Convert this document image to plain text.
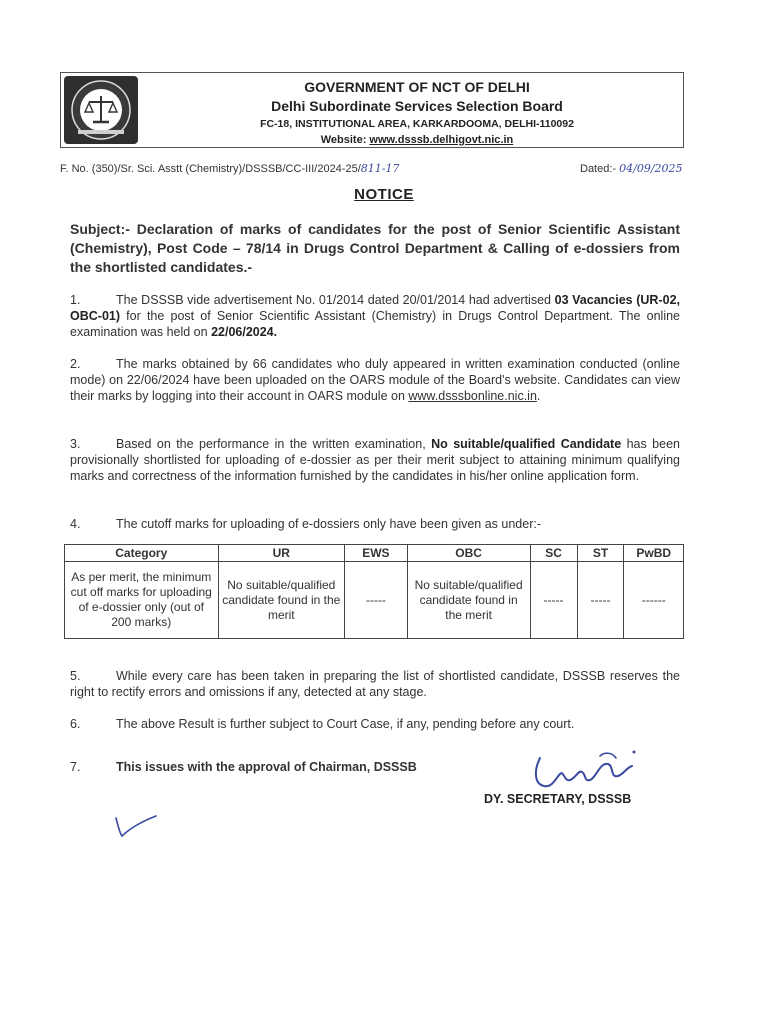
GOVERNMENT OF NCT OF DELHI
Delhi Subordinate Services Selection Board
FC-18, INSTITUTIONAL AREA, KARKARDOOMA, DELHI-110092
Website: www.dsssb.delhigovt.nic.in
F. No. (350)/Sr. Sci. Asstt (Chemistry)/DSSSB/CC-III/2024-25/811-17	Dated:- 04/09/2025
NOTICE
Subject:- Declaration of marks of candidates for the post of Senior Scientific Assistant (Chemistry), Post Code – 78/14 in Drugs Control Department & Calling of e-dossiers from the shortlisted candidates.-
1.	The DSSSB vide advertisement No. 01/2014 dated 20/01/2014 had advertised 03 Vacancies (UR-02, OBC-01) for the post of Senior Scientific Assistant (Chemistry) in Drugs Control Department. The online examination was held on 22/06/2024.
2.	The marks obtained by 66 candidates who duly appeared in written examination conducted (online mode) on 22/06/2024 have been uploaded on the OARS module of the Board's website. Candidates can view their marks by logging into their account in OARS module on www.dsssbonline.nic.in.
3.	Based on the performance in the written examination, No suitable/qualified Candidate has been provisionally shortlisted for uploading of e-dossier as per their merit subject to attaining minimum qualifying marks and correctness of the information furnished by the candidates in his/her online application form.
4.	The cutoff marks for uploading of e-dossiers only have been given as under:-
Category	UR	EWS	OBC	SC	ST	PwBD
As per merit, the minimum cut off marks for uploading of e-dossier only (out of 200 marks)	No suitable/qualified candidate found in the merit	-----	No suitable/qualified candidate found in the merit	-----	-----	------
5.	While every care has been taken in preparing the list of shortlisted candidate, DSSSB reserves the right to rectify errors and omissions if any, detected at any stage.
6.	The above Result is further subject to Court Case, if any, pending before any court.
7.	This issues with the approval of Chairman, DSSSB
DY. SECRETARY, DSSSB
